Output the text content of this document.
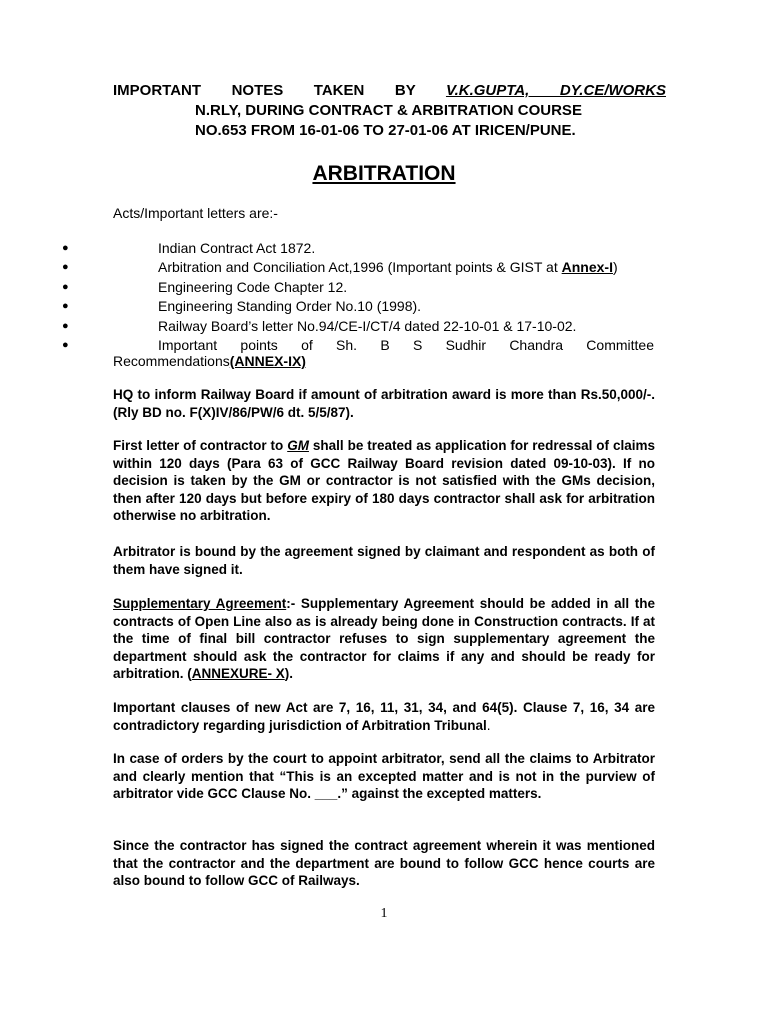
IMPORTANT NOTES TAKEN BY V.K.GUPTA, DY.CE/WORKS
N.RLY, DURING CONTRACT & ARBITRATION COURSE
NO.653 FROM 16-01-06 TO 27-01-06 AT IRICEN/PUNE.
ARBITRATION
Acts/Important letters are:-
●	Indian Contract Act 1872.
●	Arbitration and Conciliation Act,1996 (Important points & GIST at Annex-I)
●	Engineering Code Chapter 12.
●	Engineering Standing Order No.10 (1998).
●	Railway Board’s letter No.94/CE-I/CT/4 dated 22-10-01 & 17-10-02.
●	Important points of Sh. B S Sudhir Chandra Committee
Recommendations(ANNEX-IX)
HQ to inform Railway Board if amount of arbitration award is more than Rs.50,000/-. (Rly BD no. F(X)IV/86/PW/6 dt. 5/5/87).
First letter of contractor to GM shall be treated as application for redressal of claims within 120 days (Para 63 of GCC Railway Board revision dated 09-10-03). If no decision is taken by the GM or contractor is not satisfied with the GMs decision, then after 120 days but before expiry of 180 days contractor shall ask for arbitration otherwise no arbitration.
Arbitrator is bound by the agreement signed by claimant and respondent as both of them have signed it.
Supplementary Agreement:- Supplementary Agreement should be added in all the contracts of Open Line also as is already being done in Construction contracts. If at the time of final bill contractor refuses to sign supplementary agreement the department should ask the contractor for claims if any and should be ready for arbitration. (ANNEXURE- X).
Important clauses of new Act are 7, 16, 11, 31, 34, and 64(5). Clause 7, 16, 34 are contradictory regarding jurisdiction of Arbitration Tribunal.
In case of orders by the court to appoint arbitrator, send all the claims to Arbitrator and clearly mention that “This is an excepted matter and is not in the purview of arbitrator vide GCC Clause No. ___.” against the excepted matters.
Since the contractor has signed the contract agreement wherein it was mentioned that the contractor and the department are bound to follow GCC hence courts are also bound to follow GCC of Railways.
1
